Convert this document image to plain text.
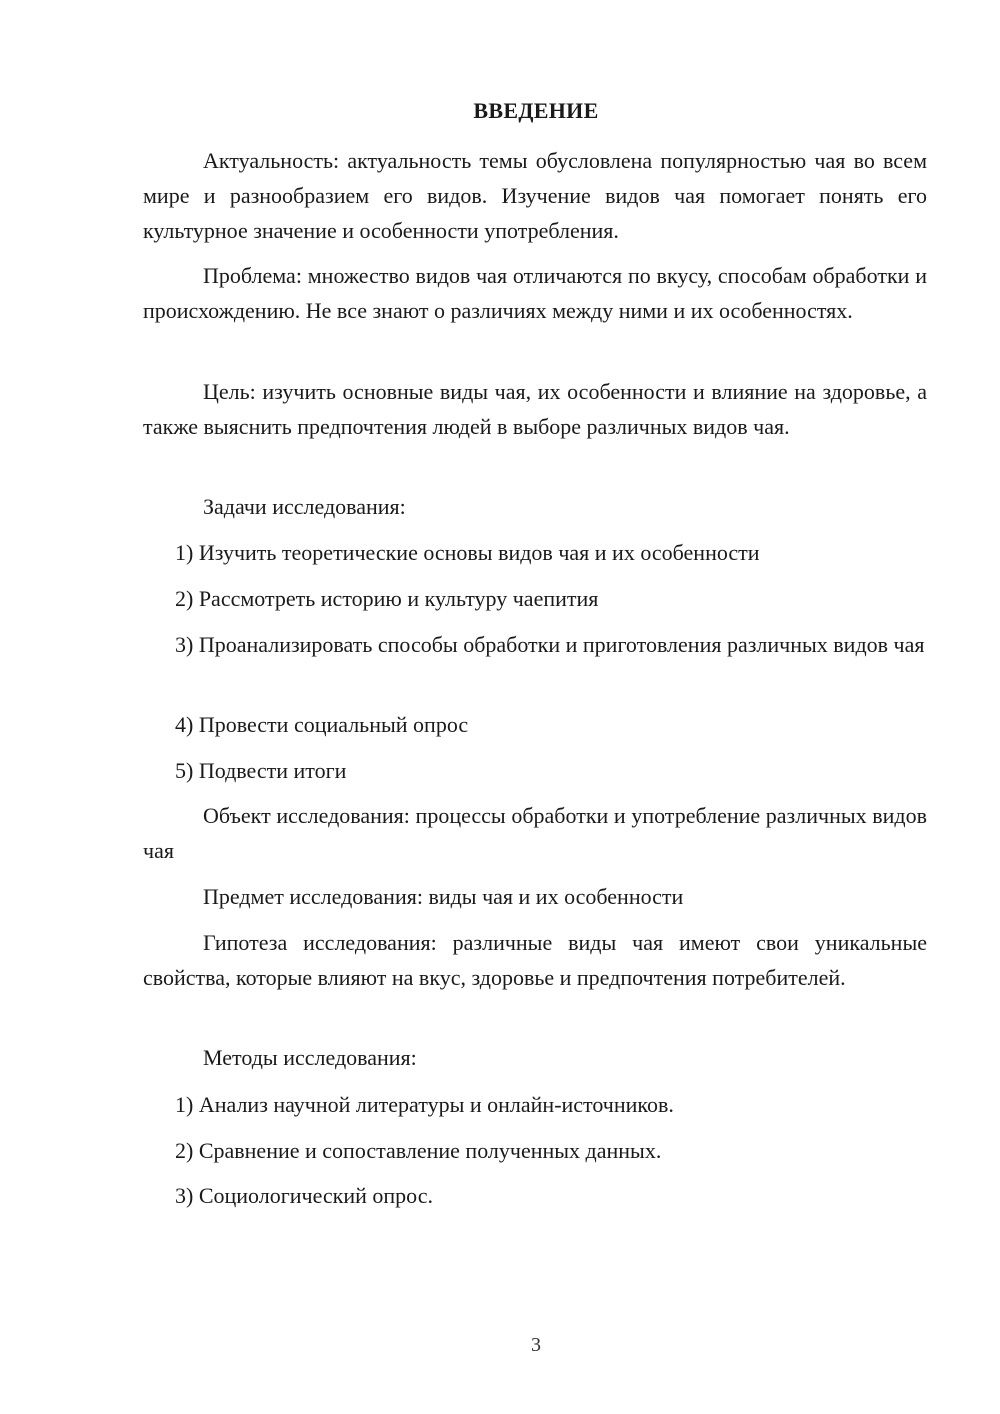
ВВЕДЕНИЕ

Актуальность: актуальность темы обусловлена популярностью чая во всем мире и разнообразием его видов. Изучение видов чая помогает понять его культурное значение и особенности употребления.

Проблема: множество видов чая отличаются по вкусу, способам обработки и происхождению. Не все знают о различиях между ними и их особенностях.

Цель: изучить основные виды чая, их особенности и влияние на здоровье, а также выяснить предпочтения людей в выборе различных видов чая.

Задачи исследования:

1) Изучить теоретические основы видов чая и их особенности

2) Рассмотреть историю и культуру чаепития

3) Проанализировать способы обработки и приготовления различных видов чая

4) Провести социальный опрос

5) Подвести итоги

Объект исследования: процессы обработки и употребление различных видов чая

Предмет исследования: виды чая и их особенности

Гипотеза исследования: различные виды чая имеют свои уникальные свойства, которые влияют на вкус, здоровье и предпочтения потребителей.

Методы исследования:

1) Анализ научной литературы и онлайн-источников.

2) Сравнение и сопоставление полученных данных.

3) Социологический опрос.

3
